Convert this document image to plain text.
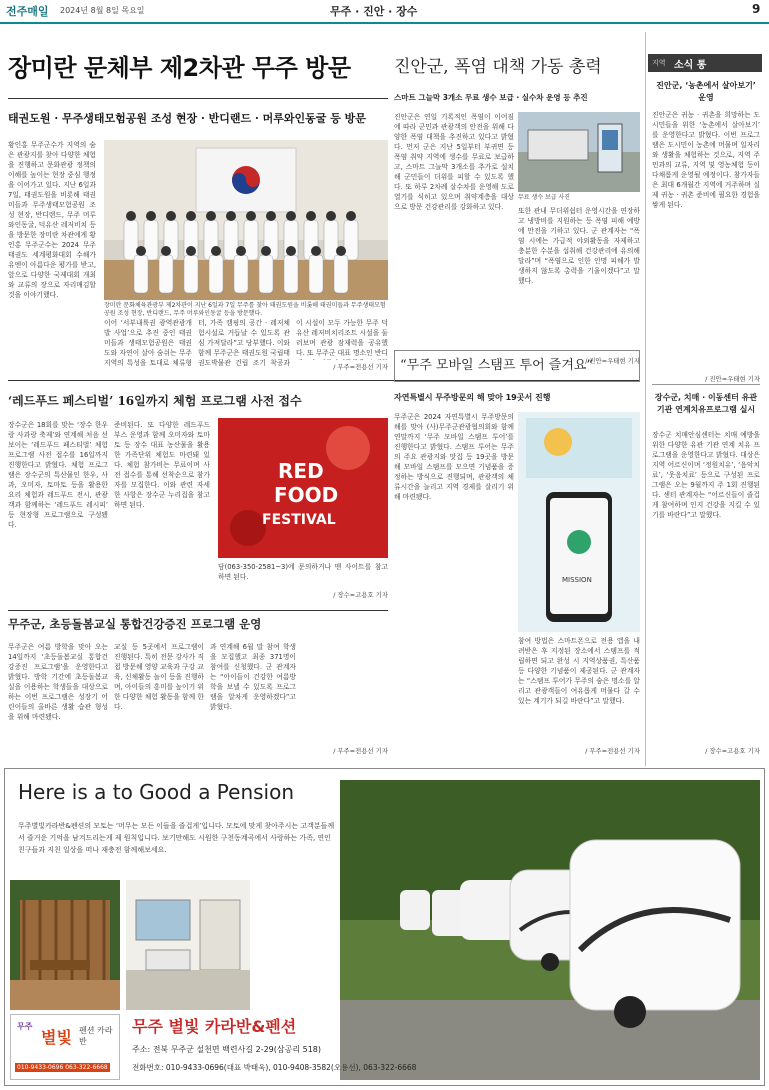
전주매일 2024년 8월 8일 목요일	무주 · 진안 · 장수	9
장미란 문체부 제2차관 무주 방문
태권도원 · 무주생태모험공원 조성 현장 · 반디랜드 · 머루와인동굴 등 방문
황인홍 무주군수가 지역의 숨은 관광지를 찾아 다양한 체험을 진행하고 문화관광 정책의 이해를 높이는 현장 중심 행정을 이어가고 있다. 지난 6일과 7일, 태권도원을 비롯해 태권미들과 무주생태모험공원 조성 현장, 반디랜드, 무주 머루와인동굴, 덕유산 레저비치 등을 방문한 장미란 차관에게 황인홍 무주군수는 2024 무주태권도 세계평화대회 수해가 유엔이 아름다운 평가를 받고, 앞으로 다양한 국제대회 개최와 교류의 장으로 자리매김할 것을 이야기했다.
장미란 문화체육관광부 제2차관이 지난 6일과 7일 무주를 찾아 태권도원을 비롯해 태권미들과 무주생태모험공원 조성 현장, 반디랜드, 무주 머루와인동굴 등을 방문했다.
이어 ‘서부내륙권 광역관광개발 사업’으로 추진 중인 태권미들과 생태모험공원은 태권도와 자연이 살아 숨쉬는 무주 지역의 특성을 토대로 체류형
터, 가족 캠핑의 공간 · 레저체험시설로 거듭날 수 있도록 관심 가져달라”고 당부했다. 이와 함께 무주군은 태권도원 국립태권도박물관 건립 조기 착공과
이 시설이 모두 가능한 무주 덕유산 레저비치리조트 시설을 둘러보며 관광 잠재력을 공유했다. 또 무주군 대표 명소인 반디
/ 무주=전용선 기자
진안군, 폭염 대책 가동 총력
스마트 그늘막 3개소 무료 생수 보급 · 실수차 운영 등 추진
진안군은 연일 기록적인 폭염이 이어짐에 따라 군민과 관광객의 안전을 위해 다양한 폭염 대책을 추진하고 있다고 밝혔다. 먼저 군은 지난 5일부터 부귀면 등 폭염 취약 지역에 생수를 무료로 보급하고, 스마트 그늘막 3개소를 추가로 설치해 군민들이 더위를 피할 수 있도록 했다. 또 하루 2차례 살수차를 운영해 도로 열기를 식히고 있으며 취약계층을 대상으로 방문 건강관리를 강화하고 있다.
무료 생수 보급 사진
또한 관내 무더위쉼터 운영시간을 연장하고 냉방비를 지원하는 등 폭염 피해 예방에 만전을 기하고 있다. 군 관계자는 “폭염 시에는 가급적 야외활동을 자제하고 충분한 수분을 섭취해 건강관리에 유의해 달라”며 “폭염으로 인한 인명 피해가 발생하지 않도록 총력을 기울이겠다”고 말했다.
/ 진안=우태현 기자
지역 소식 통
진안군, ‘농촌에서 살아보기’ 운영
진안군은 귀농 · 귀촌을 희망하는 도시민들을 위한 ‘농촌에서 살아보기’ 를 운영한다고 밝혔다. 이번 프로그램은 도시민이 농촌에 머물며 일자리와 생활을 체험하는 것으로, 지역 주민과의 교류, 지역 및 영농체험 등이 다채롭게 운영될 예정이다. 참가자들은 최대 6개월간 지역에 거주하며 실제 귀농 · 귀촌 준비에 필요한 경험을 쌓게 된다.
/ 진안=우태현 기자
장수군, 치매 · 이동센터 유관 기관 연계치유프로그램 실시
장수군 치매안심센터는 치매 예방을 위한 다양한 유관 기관 연계 치유 프로그램을 운영한다고 밝혔다. 대상은 지역 어르신이며 ‘정원치유’, ‘음악치료’, ‘웃음치료’ 등으로 구성된 프로그램은 오는 9월까지 주 1회 진행된다. 센터 관계자는 “어르신들이 즐겁게 참여하며 인지 건강을 지킬 수 있기를 바란다”고 말했다.
/ 장수=고용호 기자
‘레드푸드 페스티벌’ 16일까지 체험 프로그램 사전 접수
장수군은 18회를 맞는 ‘장수 한우랑 사과랑 축제’와 연계해 처음 선보이는 ‘레드푸드 페스티벌’ 체험 프로그램 사전 접수를 16일까지 진행한다고 밝혔다. 체험 프로그램은 장수군의 특산물인 한우, 사과, 오미자, 토마토 등을 활용한 요리 체험과 레드푸드 전시, 관광객과 함께하는 ‘레드푸드 레시피’ 등 현장형 프로그램으로 구성됐다.
준비된다. 또 다양한 레드푸드 부스 운영과 함께 오미자와 토마토 등 장수 대표 농산물을 활용한 가족단위 체험도 마련돼 있다. 체험 참가비는 무료이며 사전 접수를 통해 선착순으로 참가자를 모집한다. 이와 관련 자세한 사항은 장수군 누리집을 참고하면 된다.
RED
FOOD
FESTIVAL
담(063-350-2581~3)에 문의하거나 맨 사이트를 참고하면 된다.
/ 장수=고용호 기자
“무주 모바일 스탬프 투어 즐겨요”
자연특별시 무주방문의 해 맞아 19곳서 진행
무주군은 2024 자연특별시 무주방문의 해를 맞아 (사)무주군관광협의회와 함께 연말까지 ‘무주 모바일 스탬프 투어’를 진행한다고 밝혔다. 스탬프 투어는 무주의 주요 관광지와 맛집 등 19곳을 방문해 모바일 스탬프를 모으면 기념품을 증정하는 방식으로 진행되며, 관광객의 체류시간을 늘리고 지역 경제를 살리기 위해 마련됐다.
MISSION
참여 방법은 스마트폰으로 전용 앱을 내려받은 후 지정된 장소에서 스탬프를 적립하면 되고 완성 시 지역상품권, 특산품 등 다양한 기념품이 제공된다. 군 관계자는 “스탬프 투어가 무주의 숨은 명소를 알리고 관광객들이 여유롭게 머물다 갈 수 있는 계기가 되길 바란다”고 말했다.
/ 무주=전용선 기자
무주군, 초등돌봄교실 통합건강증진 프로그램 운영
무주군은 여름 방학을 맞아 오는 14일까지 ‘초등돌봄교실 통합건강증진 프로그램’을 운영한다고 밝혔다. 방학 기간에 초등돌봄교실을 이용하는 학생들을 대상으로 하는 이번 프로그램은 성장기 어린이들의 올바른 생활 습관 형성을 위해 마련됐다.
교실 등 5곳에서 프로그램이 진행된다. 특히 전문 강사가 직접 방문해 영양 교육과 구강 교육, 신체활동 놀이 등을 진행하며, 아이들의 흥미를 높이기 위한 다양한 체험 활동을 함께 한다.
과 연계해 6월 말 참여 학생을 모집했고 최종 371명이 참여를 신청했다. 군 관계자는 “아이들이 건강한 여름방학을 보낼 수 있도록 프로그램을 알차게 운영하겠다”고 밝혔다.
/ 무주=전용선 기자
Here is a to Good a Pension
무주별빛카라반&펜션의 모토는 ‘머무는 모든 이들을 즐겁게’입니다. 모토에 맞게 찾아주시는 고객분들께서 즐거운 기억을 남겨드리는게 제 원칙입니다. 보기만해도 시원한 구천동계곡에서 사랑하는 가족, 연인 친구들과 지친 일상을 떠나 재충전 함께해보세요.
무주
별빛 펜션 카라반
010-9433-0696 063-322-6668
무주 별빛 카라반&펜션
주소: 전북 무주군 설천면 백련사길 2-29(삼공리 518)
전화번호: 010-9433-0696(대표 박태욱), 010-9408-3582(오용선), 063-322-6668
